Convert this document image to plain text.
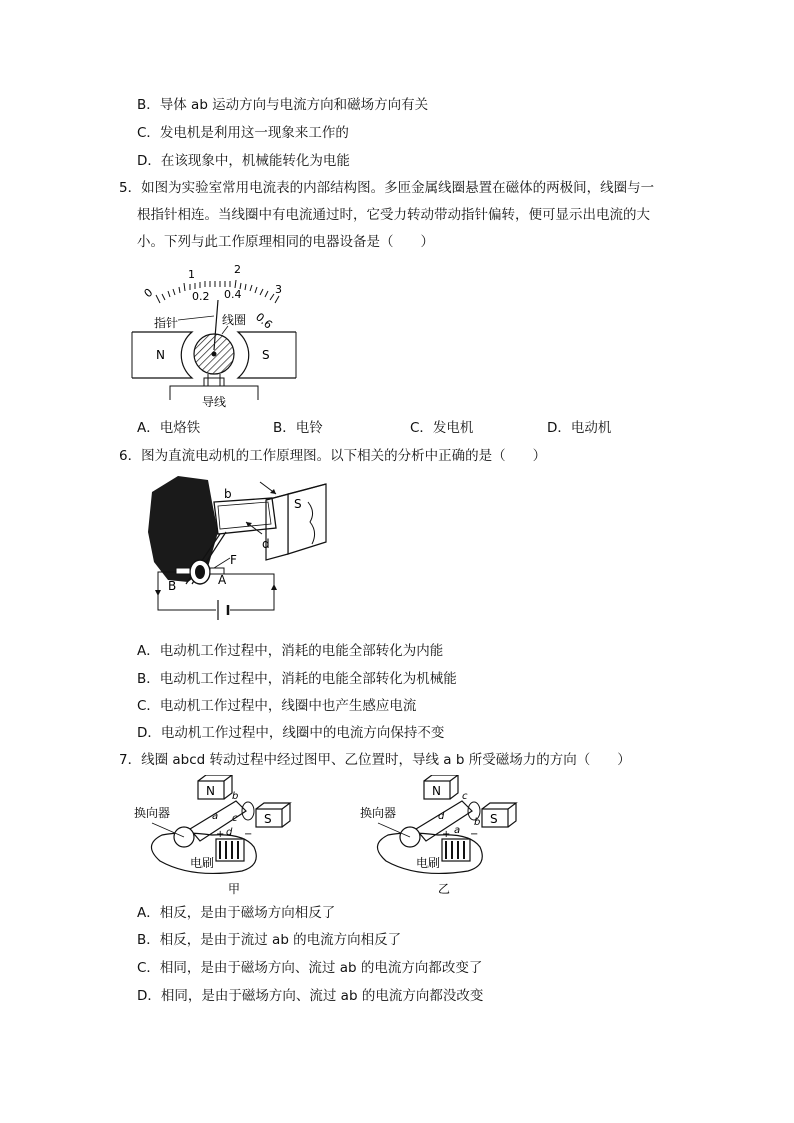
B．导体 ab 运动方向与电流方向和磁场方向有关
C．发电机是利用这一现象来工作的
D．在该现象中，机械能转化为电能
5．如图为实验室常用电流表的内部结构图。多匝金属线圈悬置在磁体的两极间，线圈与一
根指针相连。当线圈中有电流通过时，它受力转动带动指针偏转，便可显示出电流的大
小。下列与此工作原理相同的电器设备是（　　）
0
1	2
3
0.2 0.4
0.6
指针	线圈
N	S
导线
A．电烙铁	B．电铃	C．发电机	D．电动机
6．图为直流电动机的工作原理图。以下相关的分析中正确的是（　　）
S
b
d
F
B	A
A．电动机工作过程中，消耗的电能全部转化为内能
B．电动机工作过程中，消耗的电能全部转化为机械能
C．电动机工作过程中，线圈中也产生感应电流
D．电动机工作过程中，线圈中的电流方向保持不变
7．线圈 abcd 转动过程中经过图甲、乙位置时，导线 a b 所受磁场力的方向（　　）
N
S
a
b
c
d
换向器
+ −
电刷
甲
N
S
c
d
b
a
换向器
+ −
电刷
乙
A．相反，是由于磁场方向相反了
B．相反，是由于流过 ab 的电流方向相反了
C．相同，是由于磁场方向、流过 ab 的电流方向都改变了
D．相同，是由于磁场方向、流过 ab 的电流方向都没改变
